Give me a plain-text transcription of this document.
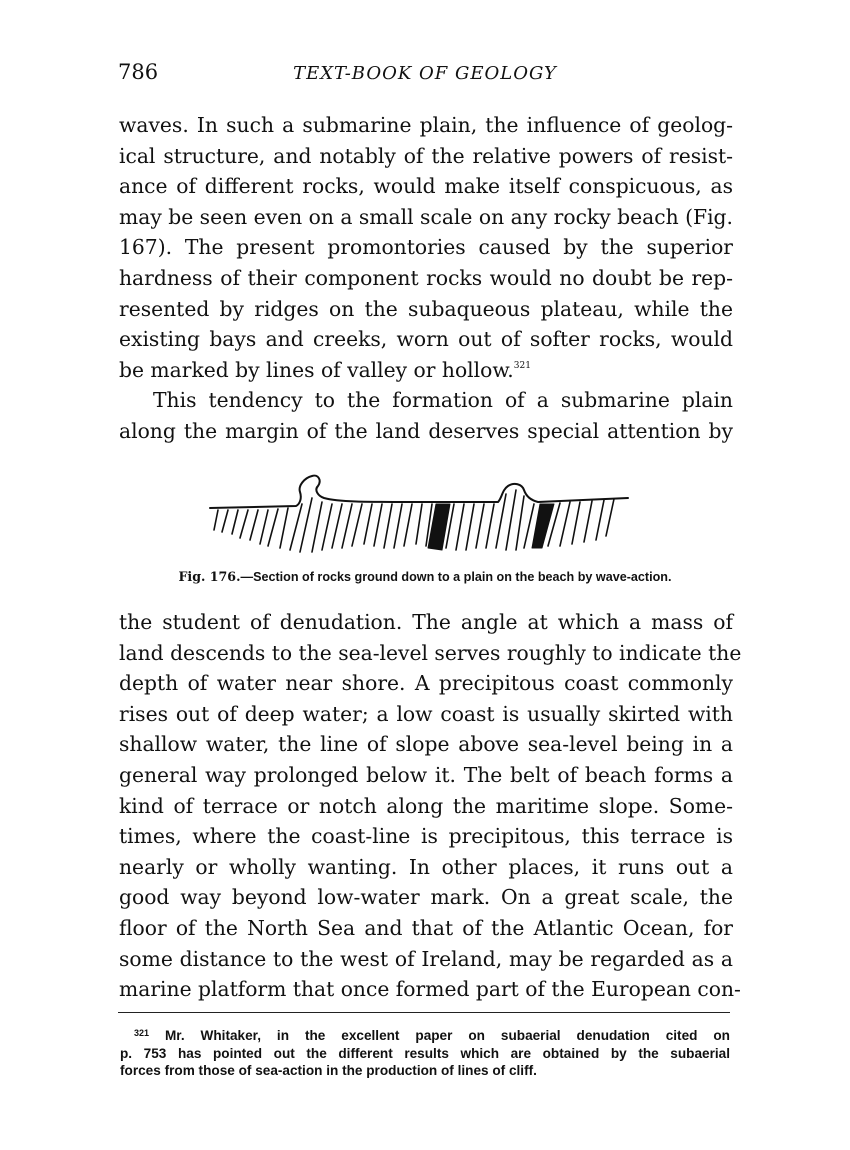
786	TEXT-BOOK OF GEOLOGY
waves. In such a submarine plain, the influence of geolog-
ical structure, and notably of the relative powers of resist-
ance of different rocks, would make itself conspicuous, as
may be seen even on a small scale on any rocky beach (Fig.
167). The present promontories caused by the superior
hardness of their component rocks would no doubt be rep-
resented by ridges on the subaqueous plateau, while the
existing bays and creeks, worn out of softer rocks, would
be marked by lines of valley or hollow.$^{321}$
This tendency to the formation of a submarine plain
along the margin of the land deserves special attention by
Fig. 176.—Section of rocks ground down to a plain on the beach by wave-action.
the student of denudation. The angle at which a mass of
land descends to the sea-level serves roughly to indicate the
depth of water near shore. A precipitous coast commonly
rises out of deep water; a low coast is usually skirted with
shallow water, the line of slope above sea-level being in a
general way prolonged below it. The belt of beach forms a
kind of terrace or notch along the maritime slope. Some-
times, where the coast-line is precipitous, this terrace is
nearly or wholly wanting. In other places, it runs out a
good way beyond low-water mark. On a great scale, the
floor of the North Sea and that of the Atlantic Ocean, for
some distance to the west of Ireland, may be regarded as a
marine platform that once formed part of the European con-
$^{321}$ Mr. Whitaker, in the excellent paper on subaerial denudation cited on
p. 753 has pointed out the different results which are obtained by the subaerial
forces from those of sea-action in the production of lines of cliff.
